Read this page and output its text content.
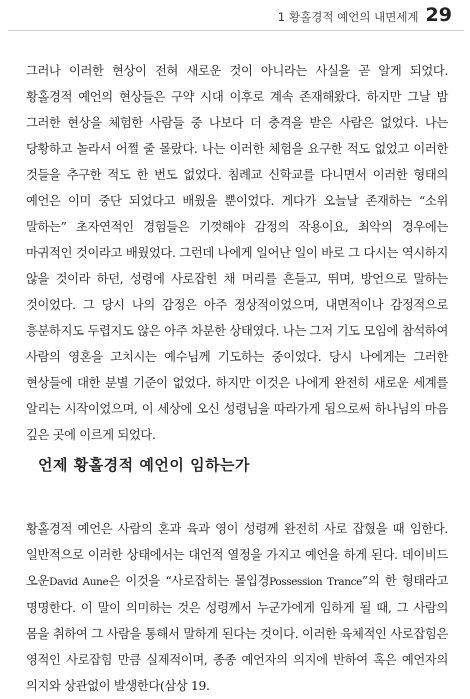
1 황홀경적 예언의 내면세계 29

그러나 이러한 현상이 전혀 새로운 것이 아니라는 사실을 곧 알게 되었다. 황홀경적 예언의 현상들은 구약 시대 이후로 계속 존재해왔다. 하지만 그날 밤 그러한 현상을 체험한 사람들 중 나보다 더 충격을 받은 사람은 없었다. 나는 당황하고 놀라서 어쩔 줄 몰랐다. 나는 이러한 체험을 요구한 적도 없었고 이러한 것들을 추구한 적도 한 번도 없었다. 침례교 신학교를 다니면서 이러한 형태의 예언은 이미 중단 되었다고 배웠을 뿐이었다. 게다가 오늘날 존재하는 “소위 말하는” 초자연적인 경험들은 기껏해야 감정의 작용이요, 최악의 경우에는 마귀적인 것이라고 배웠었다. 그런데 나에게 일어난 일이 바로 그 다시는 역시하지 않을 것이라 하던, 성령에 사로잡힌 채 머리를 흔들고, 뛰며, 방언으로 말하는 것이었다. 그 당시 나의 감정은 아주 정상적이었으며, 내면적이나 감정적으로 흥분하지도 두렵지도 않은 아주 차분한 상태였다. 나는 그저 기도 모임에 참석하여 사람의 영혼을 고치시는 예수님께 기도하는 중이었다. 당시 나에게는 그러한 현상들에 대한 분별 기준이 없었다. 하지만 이것은 나에게 완전히 새로운 세계를 알리는 시작이었으며, 이 세상에 오신 성령님을 따라가게 됨으로써 하나님의 마음 깊은 곳에 이르게 되었다.

언제 황홀경적 예언이 임하는가

황홀경적 예언은 사람의 혼과 육과 영이 성령께 완전히 사로 잡혔을 때 임한다. 일반적으로 이러한 상태에서는 대언적 열정을 가지고 예언을 하게 된다. 데이비드 오운David Aune은 이것을 “사로잡히는 몰입경Possession Trance”의 한 형태라고 명명한다. 이 말이 의미하는 것은 성령께서 누군가에게 임하게 될 때, 그 사람의 몸을 취하여 그 사람을 통해서 말하게 된다는 것이다. 이러한 육체적인 사로잡힘은 영적인 사로잡힘 만큼 실제적이며, 종종 예언자의 의지에 반하여 혹은 예언자의 의지와 상관없이 발생한다(삼상 19.
